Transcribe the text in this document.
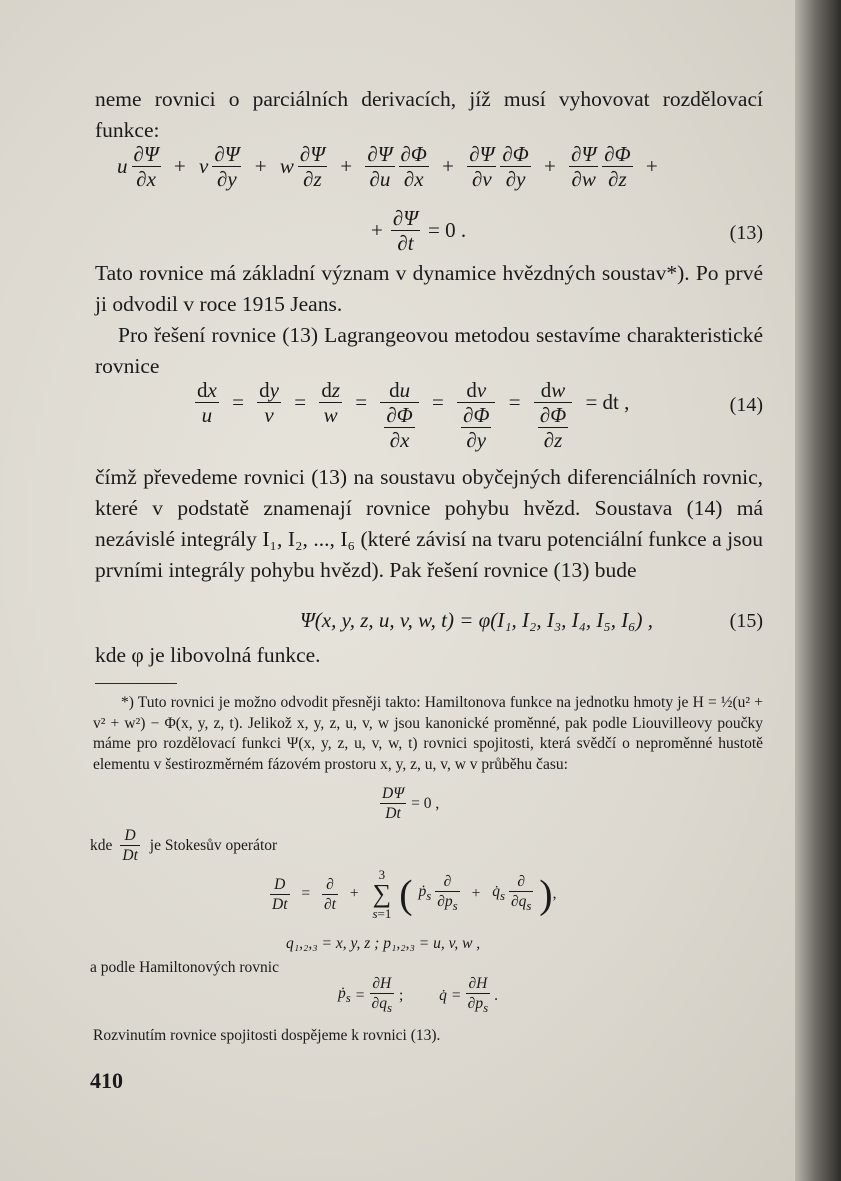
neme rovnici o parciálních derivacích, jíž musí vyhovovat rozdělovací funkce:
u $\frac{\partial\Psi}{\partial x} + v \frac{\partial\Psi}{\partial y} + w \frac{\partial\Psi}{\partial z} + \frac{\partial\Psi}{\partial u} \frac{\partial\Phi}{\partial x} + \frac{\partial\Psi}{\partial v} \frac{\partial\Phi}{\partial y} + \frac{\partial\Psi}{\partial w} \frac{\partial\Phi}{\partial z}$ +
+ $\frac{\partial\Psi}{\partial t} = 0$ .	(13)
Tato rovnice má základní význam v dynamice hvězdných soustav*). Po prvé ji odvodil v roce 1915 Jeans.
Pro řešení rovnice (13) Lagrangeovou metodou sestavíme charakteristické rovnice
$\frac{dx}{u} = \frac{dy}{v} = \frac{dz}{w} = \frac{du}{\frac{\partial\Phi}{\partial x}} = \frac{dv}{\frac{\partial\Phi}{\partial y}} = \frac{dw}{\frac{\partial\Phi}{\partial z}}$ = dt ,	(14)
čímž převedeme rovnici (13) na soustavu obyčejných diferenciálních rovnic, které v podstatě znamenají rovnice pohybu hvězd. Soustava (14) má nezávislé integrály I₁, I₂, ..., I₆ (které závisí na tvaru potenciální funkce a jsou prvními integrály pohybu hvězd). Pak řešení rovnice (13) bude
Ψ(x, y, z, u, v, w, t) = φ(I₁, I₂, I₃, I₄, I₅, I₆) ,	(15)
kde φ je libovolná funkce.
*) Tuto rovnici je možno odvodit přesněji takto: Hamiltonova funkce na jednotku hmoty je H = ½(u² + v² + w²) − Φ(x, y, z, t). Jelikož x, y, z, u, v, w jsou kanonické proměnné, pak podle Liouvilleovy poučky máme pro rozdělovací funkci Ψ(x, y, z, u, v, w, t) rovnici spojitosti, která svědčí o neproměnné hustotě elementu v šestirozměrném fázovém prostoru x, y, z, u, v, w v průběhu času:
$\frac{D\Psi}{Dt} = 0$ ,
kde $\frac{D}{Dt}$ je Stokesův operátor
$\frac{D}{Dt} = \frac{\partial}{\partial t} + 3$
∑
s=1 ( ṗ$_s$ $\frac{\partial}{\partial p_s}$ + $q̇_s \frac{\partial}{\partial q_s}$ ),
q₁,₂,₃ = x, y, z ; p₁,₂,₃ = u, v, w ,
a podle Hamiltonových rovnic
ṗ$_s$ = $\frac{\partial H}{\partial q_s}$ ; q̇ = $\frac{\partial H}{\partial p_s}$ .
Rozvinutím rovnice spojitosti dospějeme k rovnici (13).
410
